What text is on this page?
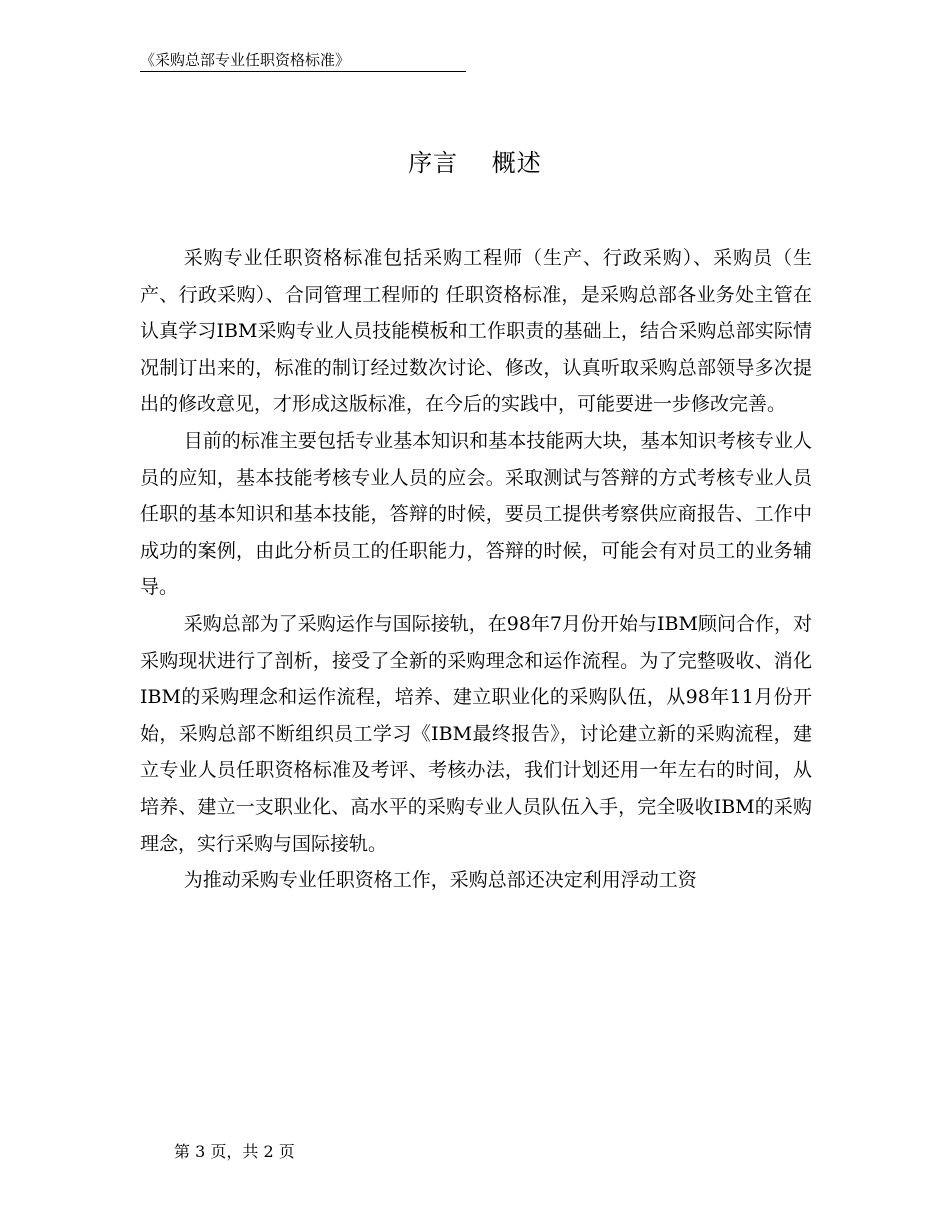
《采购总部专业任职资格标准》
序言　 概述

采购专业任职资格标准包括采购工程师（生产、行政采购）、采购员（生产、行政采购）、合同管理工程师的 任职资格标准，是采购总部各业务处主管在认真学习IBM采购专业人员技能模板和工作职责的基础上，结合采购总部实际情况制订出来的，标准的制订经过数次讨论、修改，认真听取采购总部领导多次提出的修改意见，才形成这版标准，在今后的实践中，可能要进一步修改完善。

目前的标准主要包括专业基本知识和基本技能两大块，基本知识考核专业人员的应知，基本技能考核专业人员的应会。采取测试与答辩的方式考核专业人员任职的基本知识和基本技能，答辩的时候，要员工提供考察供应商报告、工作中成功的案例，由此分析员工的任职能力，答辩的时候，可能会有对员工的业务辅导。

采购总部为了采购运作与国际接轨，在98年7月份开始与IBM顾问合作，对采购现状进行了剖析，接受了全新的采购理念和运作流程。为了完整吸收、消化IBM的采购理念和运作流程，培养、建立职业化的采购队伍，从98年11月份开始，采购总部不断组织员工学习《IBM最终报告》，讨论建立新的采购流程，建立专业人员任职资格标准及考评、考核办法，我们计划还用一年左右的时间，从培养、建立一支职业化、高水平的采购专业人员队伍入手，完全吸收IBM的采购理念，实行采购与国际接轨。

为推动采购专业任职资格工作，采购总部还决定利用浮动工资

第 3 页，共 2 页
